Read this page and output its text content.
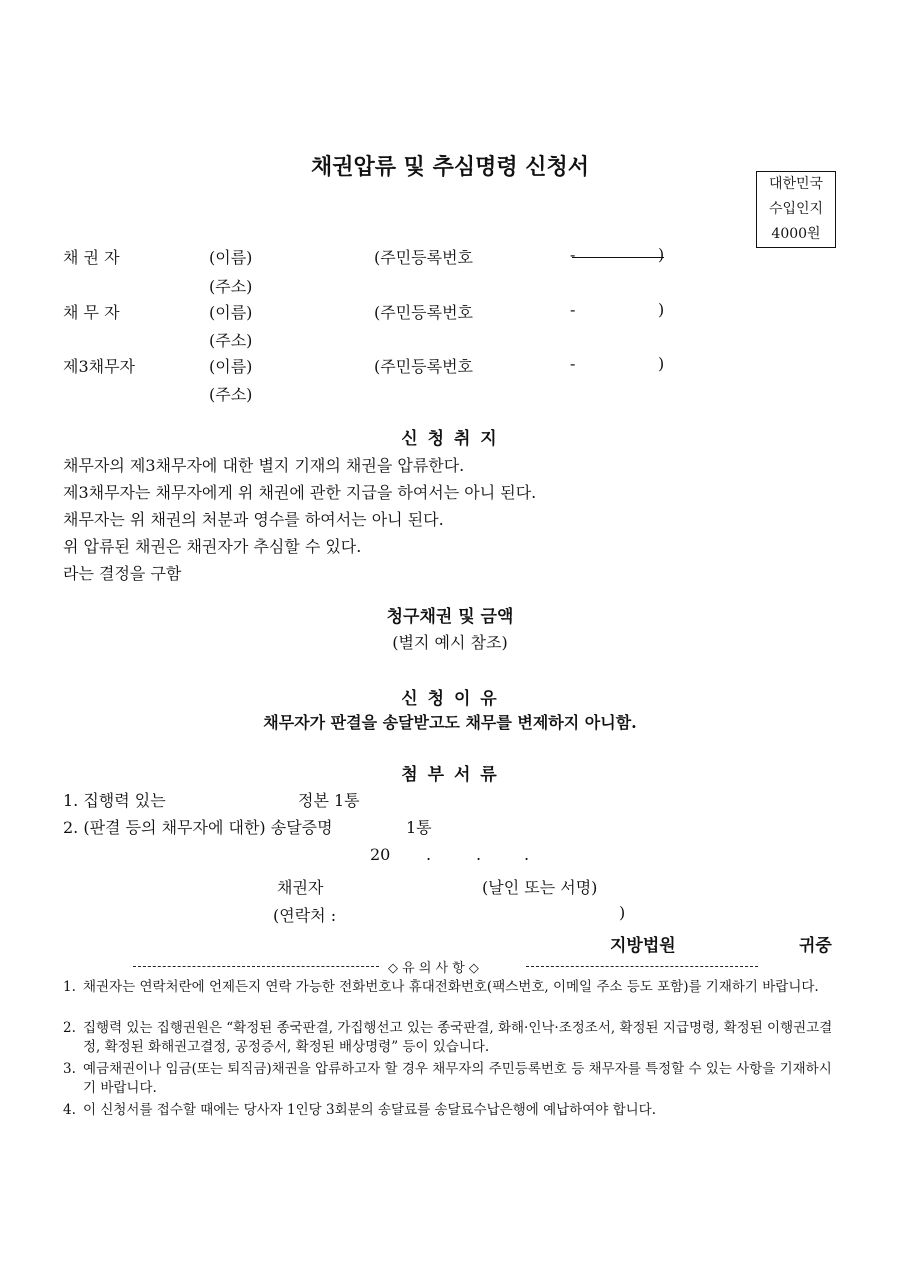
채권압류 및 추심명령 신청서
대한민국
수입인지
4000원
채 권 자	(이름)	(주민등록번호	-	)
(주소)
채 무 자	(이름)	(주민등록번호	-	)
(주소)
제3채무자	(이름)	(주민등록번호	-	)
(주소)
신 청 취 지
채무자의 제3채무자에 대한 별지 기재의 채권을 압류한다.
제3채무자는 채무자에게 위 채권에 관한 지급을 하여서는 아니 된다.
채무자는 위 채권의 처분과 영수를 하여서는 아니 된다.
위 압류된 채권은 채권자가 추심할 수 있다.
라는 결정을 구함
청구채권 및 금액
(별지 예시 참조)
신 청 이 유
채무자가 판결을 송달받고도 채무를 변제하지 아니함.
첨 부 서 류
1. 집행력 있는	정본 1통
2. (판결 등의 채무자에 대한) 송달증명	1통
20 .	.	.
채권자	(날인 또는 서명)
(연락처 :	)
지방법원	귀중
◇ 유 의 사 항 ◇
1. 채권자는 연락처란에 언제든지 연락 가능한 전화번호나 휴대전화번호(팩스번호, 이메일 주소 등도 포함)를 기재하기 바랍니다.
2. 집행력 있는 집행권원은 “확정된 종국판결, 가집행선고 있는 종국판결, 화해·인낙·조정조서, 확정된 지급명령, 확정된 이행권고결정, 확정된 화해권고결정, 공정증서, 확정된 배상명령” 등이 있습니다.
3. 예금채권이나 임금(또는 퇴직금)채권을 압류하고자 할 경우 채무자의 주민등록번호 등 채무자를 특정할 수 있는 사항을 기재하시기 바랍니다.
4. 이 신청서를 접수할 때에는 당사자 1인당 3회분의 송달료를 송달료수납은행에 예납하여야 합니다.
